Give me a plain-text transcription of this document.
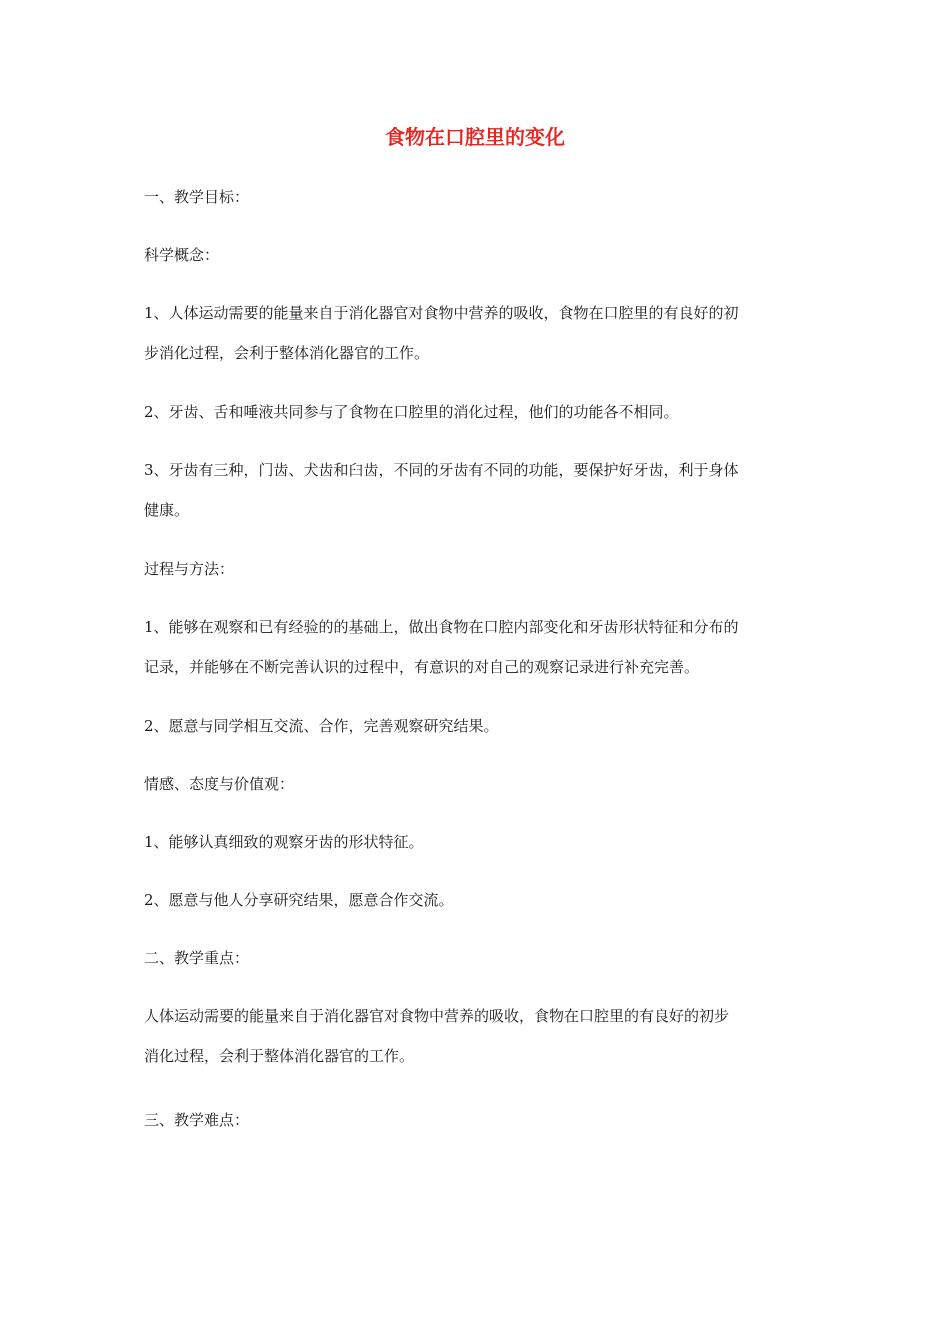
食物在口腔里的变化
一、教学目标：
科学概念：
1、人体运动需要的能量来自于消化器官对食物中营养的吸收，食物在口腔里的有良好的初
步消化过程，会利于整体消化器官的工作。
2、牙齿、舌和唾液共同参与了食物在口腔里的消化过程，他们的功能各不相同。
3、牙齿有三种，门齿、犬齿和臼齿，不同的牙齿有不同的功能，要保护好牙齿，利于身体
健康。
过程与方法：
1、能够在观察和已有经验的的基础上，做出食物在口腔内部变化和牙齿形状特征和分布的
记录，并能够在不断完善认识的过程中，有意识的对自己的观察记录进行补充完善。
2、愿意与同学相互交流、合作，完善观察研究结果。
情感、态度与价值观：
1、能够认真细致的观察牙齿的形状特征。
2、愿意与他人分享研究结果，愿意合作交流。
二、教学重点：
人体运动需要的能量来自于消化器官对食物中营养的吸收，食物在口腔里的有良好的初步
消化过程，会利于整体消化器官的工作。
三、教学难点：
